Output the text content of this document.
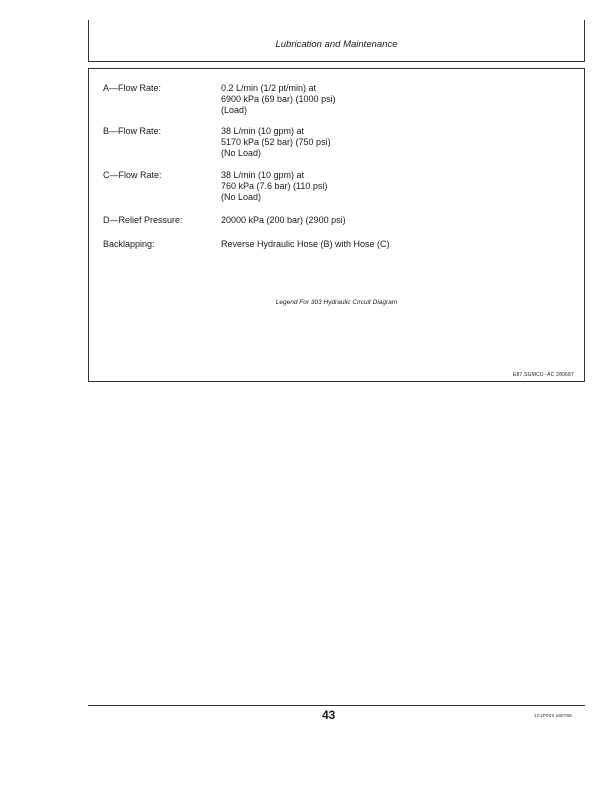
Lubrication and Maintenance
A—Flow Rate:	0.2 L/min (1/2 pt/min) at
6900 kPa (69 bar) (1000 psi)
(Load)
B—Flow Rate:	38 L/min (10 gpm) at
5170 kPa (52 bar) (750 psi)
(No Load)
C—Flow Rate:	38 L/min (10 gpm) at
760 kPa (7.6 bar) (110 psi)
(No Load)
D—Relief Pressure:	20000 kPa (200 bar) (2900 psi)
Backlapping:	Reverse Hydraulic Hose (B) with Hose (C)
Legend For 303 Hydraulic Circuit Diagram
E87,SGMCU -AC 280687
43	1C1P043 160788
